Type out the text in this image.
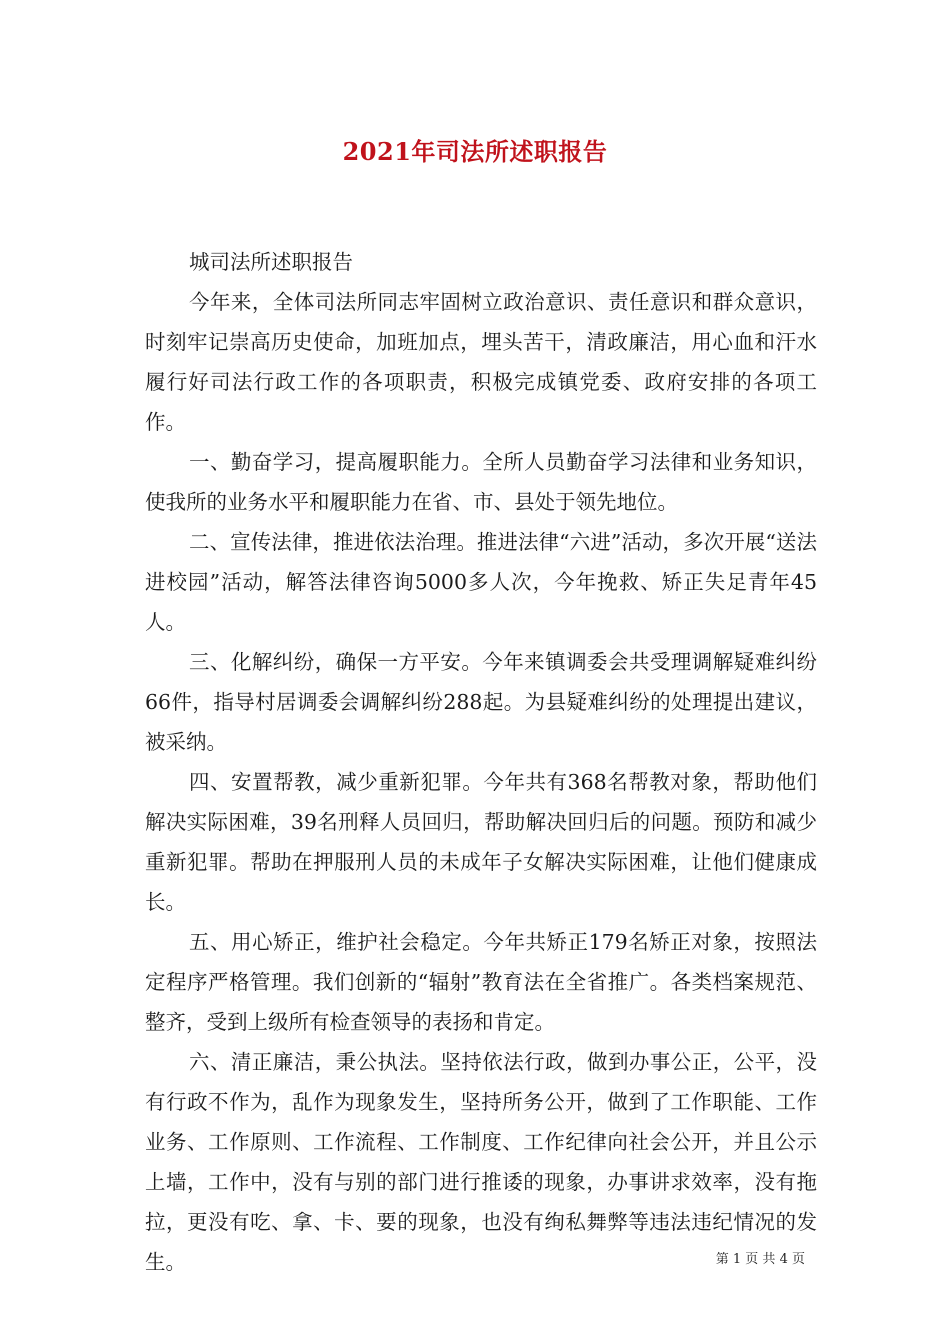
2021年司法所述职报告

城司法所述职报告

今年来，全体司法所同志牢固树立政治意识、责任意识和群众意识，时刻牢记崇高历史使命，加班加点，埋头苦干，清政廉洁，用心血和汗水履行好司法行政工作的各项职责，积极完成镇党委、政府安排的各项工作。

一、勤奋学习，提高履职能力。全所人员勤奋学习法律和业务知识，使我所的业务水平和履职能力在省、市、县处于领先地位。

二、宣传法律，推进依法治理。推进法律“六进”活动，多次开展“送法进校园”活动，解答法律咨询5000多人次，今年挽救、矫正失足青年45人。

三、化解纠纷，确保一方平安。今年来镇调委会共受理调解疑难纠纷66件，指导村居调委会调解纠纷288起。为县疑难纠纷的处理提出建议，被采纳。

四、安置帮教，减少重新犯罪。今年共有368名帮教对象，帮助他们解决实际困难，39名刑释人员回归，帮助解决回归后的问题。预防和减少重新犯罪。帮助在押服刑人员的未成年子女解决实际困难，让他们健康成长。

五、用心矫正，维护社会稳定。今年共矫正179名矫正对象，按照法定程序严格管理。我们创新的“辐射”教育法在全省推广。各类档案规范、整齐，受到上级所有检查领导的表扬和肯定。

六、清正廉洁，秉公执法。坚持依法行政，做到办事公正，公平，没有行政不作为，乱作为现象发生，坚持所务公开，做到了工作职能、工作业务、工作原则、工作流程、工作制度、工作纪律向社会公开，并且公示上墙，工作中，没有与别的部门进行推诿的现象，办事讲求效率，没有拖拉，更没有吃、拿、卡、要的现象，也没有绚私舞弊等违法违纪情况的发生。	第 1 页 共 4 页
